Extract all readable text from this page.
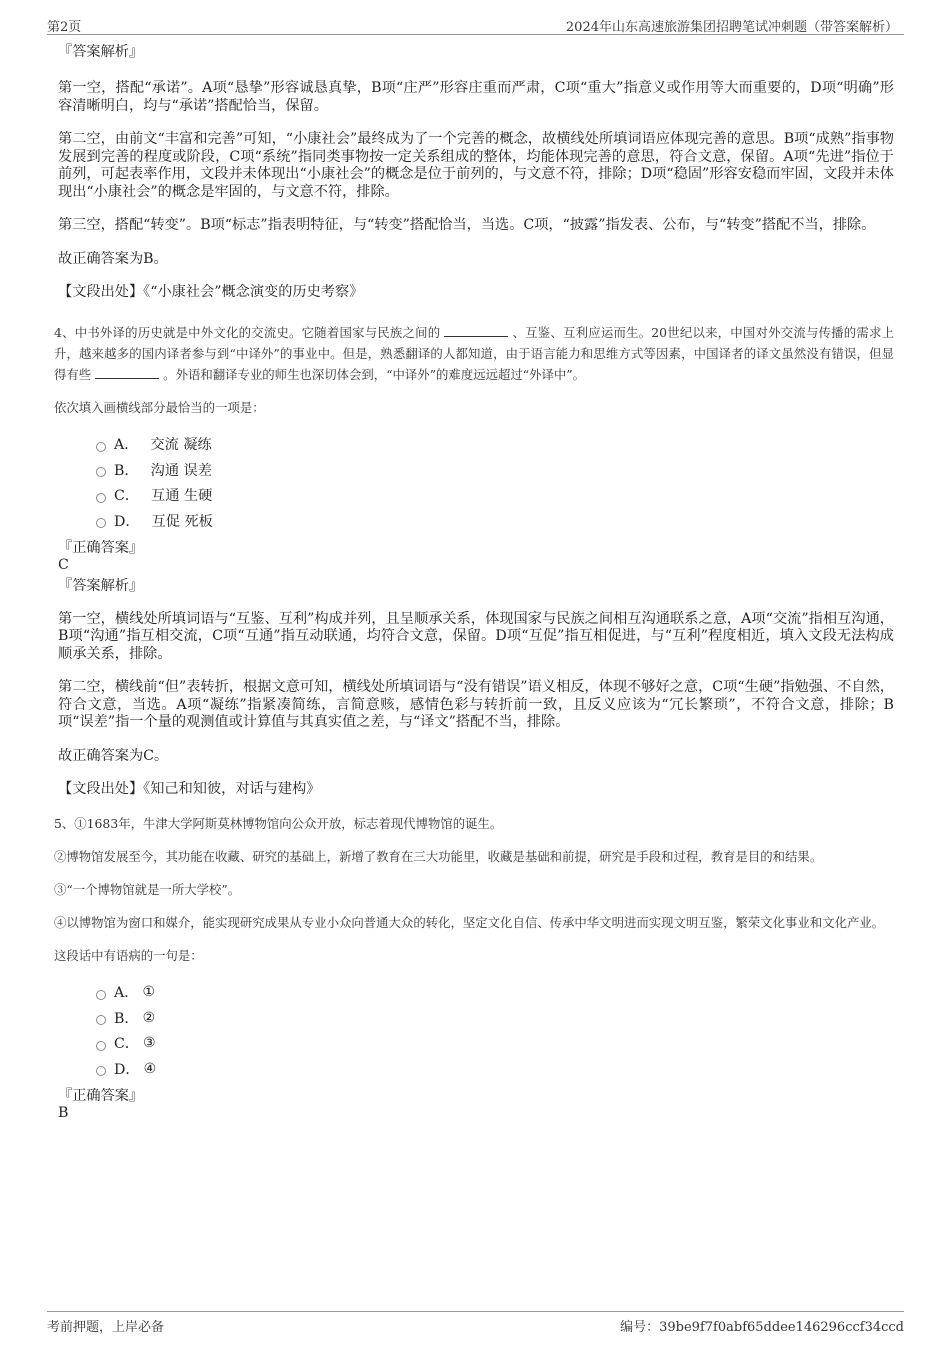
第2页	2024年山东高速旅游集团招聘笔试冲刺题（带答案解析）
『答案解析』

第一空，搭配“承诺”。A项“恳挚”形容诚恳真挚，B项“庄严”形容庄重而严肃，C项“重大”指意义或作用等大而重要的，D项“明确”形容清晰明白，均与“承诺”搭配恰当，保留。

第二空，由前文“丰富和完善”可知，“小康社会”最终成为了一个完善的概念，故横线处所填词语应体现完善的意思。B项“成熟”指事物发展到完善的程度或阶段，C项“系统”指同类事物按一定关系组成的整体，均能体现完善的意思，符合文意，保留。A项“先进”指位于前列，可起表率作用，文段并未体现出“小康社会”的概念是位于前列的，与文意不符，排除；D项“稳固”形容安稳而牢固，文段并未体现出“小康社会”的概念是牢固的，与文意不符，排除。

第三空，搭配“转变”。B项“标志”指表明特征，与“转变”搭配恰当，当选。C项，“披露”指发表、公布，与“转变”搭配不当，排除。

故正确答案为B。

【文段出处】《“小康社会”概念演变的历史考察》

4、中书外译的历史就是中外文化的交流史。它随着国家与民族之间的	、互鉴、互利应运而生。20世纪以来，中国对外交流与传播的需求上升，越来越多的国内译者参与到“中译外”的事业中。但是，熟悉翻译的人都知道，由于语言能力和思维方式等因素，中国译者的译文虽然没有错误，但显得有些	。外语和翻译专业的师生也深切体会到，“中译外”的难度远远超过“外译中”。

依次填入画横线部分最恰当的一项是：

A． 交流 凝练
B． 沟通 误差
C． 互通 生硬
D． 互促 死板
『正确答案』
C
『答案解析』

第一空，横线处所填词语与“互鉴、互利”构成并列，且呈顺承关系，体现国家与民族之间相互沟通联系之意，A项“交流”指相互沟通，B项“沟通”指互相交流，C项“互通”指互动联通，均符合文意，保留。D项“互促”指互相促进，与“互利”程度相近，填入文段无法构成顺承关系，排除。

第二空，横线前“但”表转折，根据文意可知，横线处所填词语与“没有错误”语义相反，体现不够好之意，C项“生硬”指勉强、不自然，符合文意，当选。A项“凝练”指紧凑简练，言简意赅，感情色彩与转折前一致，且反义应该为“冗长繁琐”，不符合文意，排除；B项“误差”指一个量的观测值或计算值与其真实值之差，与“译文”搭配不当，排除。

故正确答案为C。

【文段出处】《知己和知彼，对话与建构》

5、①1683年，牛津大学阿斯莫林博物馆向公众开放，标志着现代博物馆的诞生。

②博物馆发展至今，其功能在收藏、研究的基础上，新增了教育在三大功能里，收藏是基础和前提，研究是手段和过程，教育是目的和结果。

③“一个博物馆就是一所大学校”。

④以博物馆为窗口和媒介，能实现研究成果从专业小众向普通大众的转化，坚定文化自信、传承中华文明进而实现文明互鉴，繁荣文化事业和文化产业。

这段话中有语病的一句是：

A． ①
B． ②
C． ③
D． ④
『正确答案』
B
考前押题，上岸必备	编号：39be9f7f0abf65ddee146296ccf34ccd
